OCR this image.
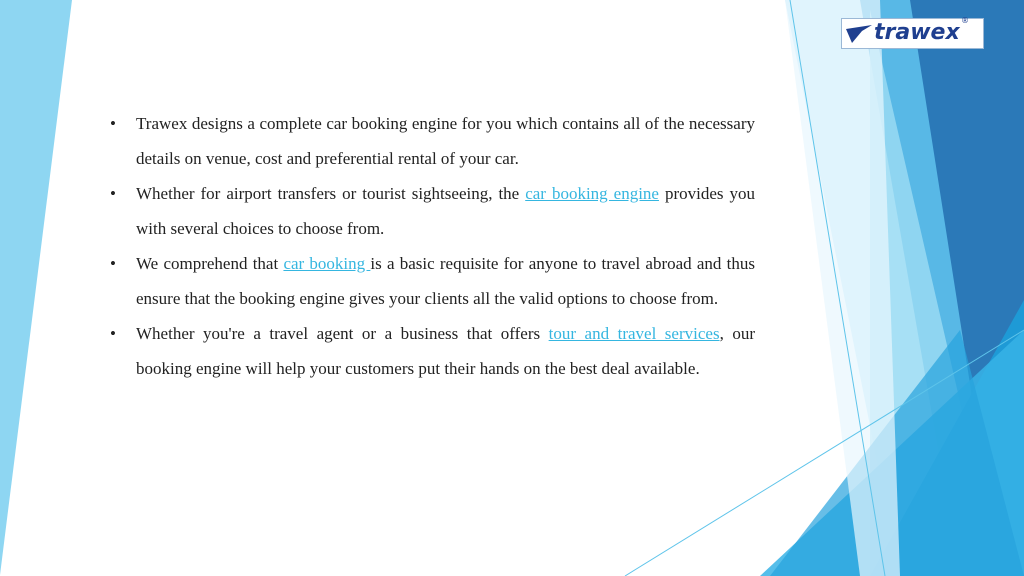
trawex ®
• Trawex designs a complete car booking engine for you which contains all of the necessary details on venue, cost and preferential rental of your car.
• Whether for airport transfers or tourist sightseeing, the car booking engine provides you with several choices to choose from.
• We comprehend that car booking is a basic requisite for anyone to travel abroad and thus ensure that the booking engine gives your clients all the valid options to choose from.
• Whether you're a travel agent or a business that offers tour and travel services, our booking engine will help your customers put their hands on the best deal available.
